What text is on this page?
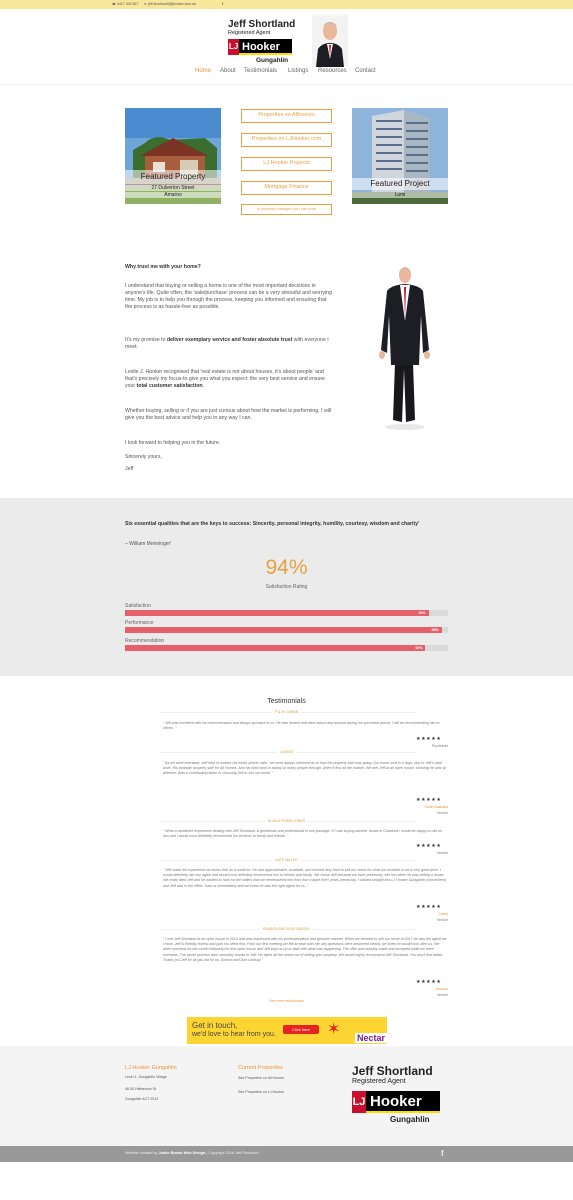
☎ 0417 403 827 ✉ jeff.shortland@ljhooker.com.au	f
Jeff Shortland
Registered Agent
LJ Hooker
Gungahlin
Home About Testimonials Listings Resources Contact
Featured Property
27 Dulverton Street
Amaroo
Properties on Allhomes
Properties on LJHooker.com
LJ Hooker Projects
Mortgage Finance
A property manager you can trust
Featured Project
Lumi
Why trust me with your home?
I understand that buying or selling a home is one of the most important decisions in anyone's life. Quite often, the 'sale/purchase' process can be a very stressful and worrying time. My job is to help you through the process, keeping you informed and ensuring that the process is as hassle-free as possible.
It's my promise to deliver exemplary service and foster absolute trust with everyone I meet.
Leslie J. Hooker recognised that 'real estate is not about houses, it's about people' and that's precisely my focus-to give you what you expect: the very best service and ensure your total customer satisfaction.
Whether buying, selling or if you are just curious about how the market is performing, I will give you the best advice and help you in any way I can.
I look forward to helping you in the future.
Sincerely yours,
Jeff
Six essential qualities that are the keys to success: Sincerity, personal integrity, humility, courtesy, wisdom and charity'
– William Menninger'
94%
Satisfaction Rating
Satisfaction
94%
Performance
98%
Recommendation
93%
Testimonials
P & M COMAN
“ Jeff was excellent with his communication and always got back to us. He was honest and went above and beyond during our purchase period. I will be recommending him to others. ”
★★★★★
Purchaser
LOUISE
“ As we were interstate, Jeff kept in contact via email, phone calls.. we were always informed as to how the property sale was going. Our home sold in 4 days, due to Jeff's hard work. His fantastic property sale for All Homes. And his hard work in taking so many people through, when it first hit the market. We met Jeff at an open house, showing he was so defense. Was a contributing factor in choosing Jeff to sell our home. ”
★★★★★
South Australia
Vendor
ALAN & ROBIN JONES
“ What a wonderful experience dealing with Jeff Shortland. A gentleman and professional in one package. If I was buying another house in Canberra I would be happy to call on him and I would most definitely recommend his services to family and friends. ”
★★★★★
Vendor
KATE MILLER
“ Jeff made the experience as stress free as it could be. He was approachable, available, and worked very hard to sell our home for what we consider to be a very good price. I would definitely use him again and would most definitely recommend him to friends and family. We chose Jeff because we have previously met him when he was selling a house. We really liked Jeff and he wanted to hard for the sellers that we remembered him from four maybe five!! years previously. I walked straight into LJ Hooker Gungahlin (convenient) and Jeff was in the office. Saw us immediately and we knew he was the right agent for us. ”
★★★★★
Casey
Vendor
SHARON AND DON LINDSAY
“ I met Jeff Shortland at an open house in 2014 and was impressed with his professionalism and genuine manner. When we decided to sell our home in 2017 he was the agent we chose. Jeff is friendly honest and puts his client first. From our first meeting we felt at ease with him any questions were answered clearly, we knew he would look after us. We were overseas for the month following the first open house and Jeff kept us up to date with what was happening. The offer was actually made and accepted while we were overseas. The whole process went smoothly thanks to Jeff. He takes all the stress out of selling your property. We would highly recommend Jeff Shortland. You won't find better. Thank you Jeff for all you did for us. Sharon and Don Lindsay ”
★★★★★
Amaroo
Vendor
See more testimonials
Get in touch,
we'd love to hear from you.
Click here	✶	Nectar
LJ Hooker Gungahlin
Level 1, Gungahlin Village
46-50 Hibberson St
Gungahlin ACT 2912
Current Properties
See Properties on All Homes
See Properties on LJ Hooker
Jeff Shortland
Registered Agent
LJ Hooker
Gungahlin
Website created by Justin Brown Web Design | Copyright 2016 Jeff Shortland	f
